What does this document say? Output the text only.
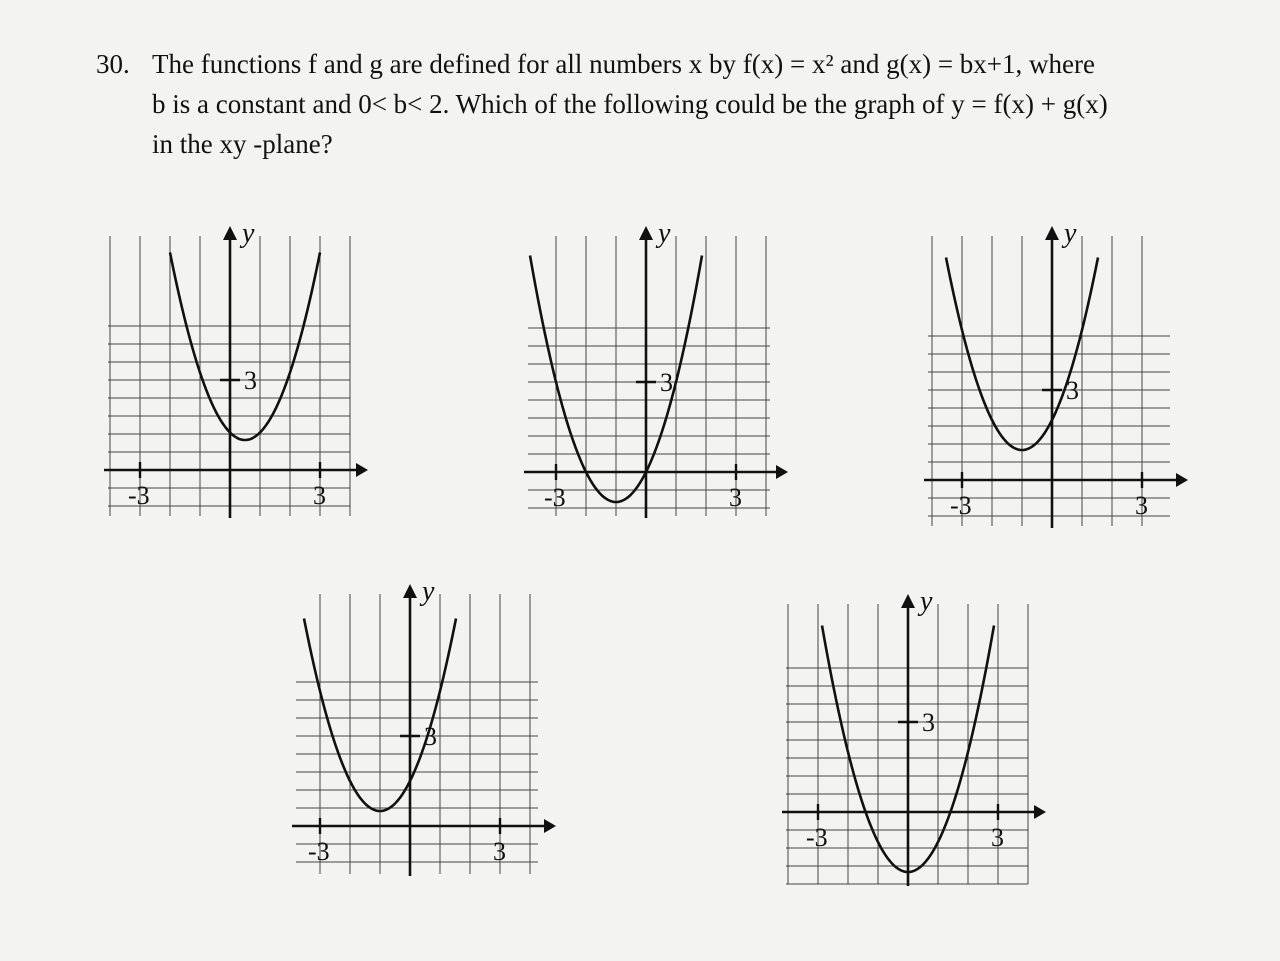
30. The functions f and g are defined for all numbers x by f(x) = x² and g(x) = bx+1, where
b is a constant and 0< b< 2. Which of the following could be the graph of y = f(x) + g(x)
in the xy -plane?
y
3
-3	3
y
3
-3	3
y
3
-3	3
y
3
-3	3
y
3
-3	3
